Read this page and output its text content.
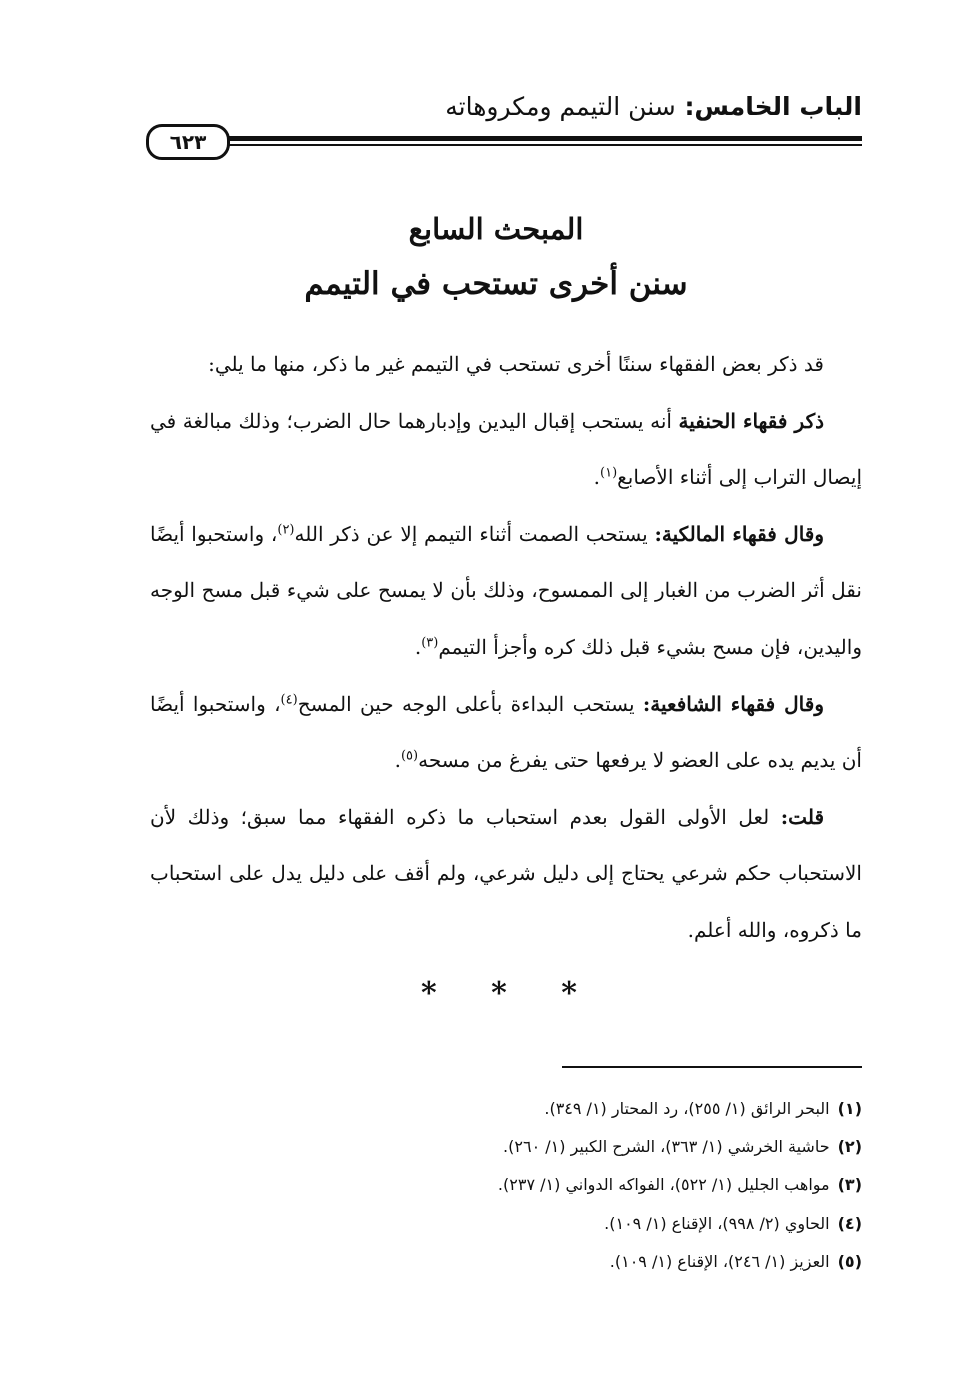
الباب الخامس: سنن التيمم ومكروهاته
٦٢٣
المبحث السابع
سنن أخرى تستحب في التيمم

قد ذكر بعض الفقهاء سننًا أخرى تستحب في التيمم غير ما ذكر، منها ما يلي:

ذكر فقهاء الحنفية أنه يستحب إقبال اليدين وإدبارهما حال الضرب؛ وذلك مبالغة في إيصال التراب إلى أثناء الأصابع$^{(١)}$.

وقال فقهاء المالكية: يستحب الصمت أثناء التيمم إلا عن ذكر الله$^{(٢)}$، واستحبوا أيضًا نقل أثر الضرب من الغبار إلى الممسوح، وذلك بأن لا يمسح على شيء قبل مسح الوجه واليدين، فإن مسح بشيء قبل ذلك كره وأجزأ التيمم$^{(٣)}$.

وقال فقهاء الشافعية: يستحب البداءة بأعلى الوجه حين المسح$^{(٤)}$، واستحبوا أيضًا أن يديم يده على العضو لا يرفعها حتى يفرغ من مسحه$^{(٥)}$.

قلت: لعل الأولى القول بعدم استحباب ما ذكره الفقهاء مما سبق؛ وذلك لأن الاستحباب حكم شرعي يحتاج إلى دليل شرعي، ولم أقف على دليل يدل على استحباب ما ذكروه، والله أعلم.

* * *
(١)البحر الرائق (١/ ٢٥٥)، رد المحتار (١/ ٣٤٩).
(٢)حاشية الخرشي (١/ ٣٦٣)، الشرح الكبير (١/ ٢٦٠).
(٣)مواهب الجليل (١/ ٥٢٢)، الفواكه الدواني (١/ ٢٣٧).
(٤)الحاوي (٢/ ٩٩٨)، الإقناع (١/ ١٠٩).
(٥)العزيز (١/ ٢٤٦)، الإقناع (١/ ١٠٩).
